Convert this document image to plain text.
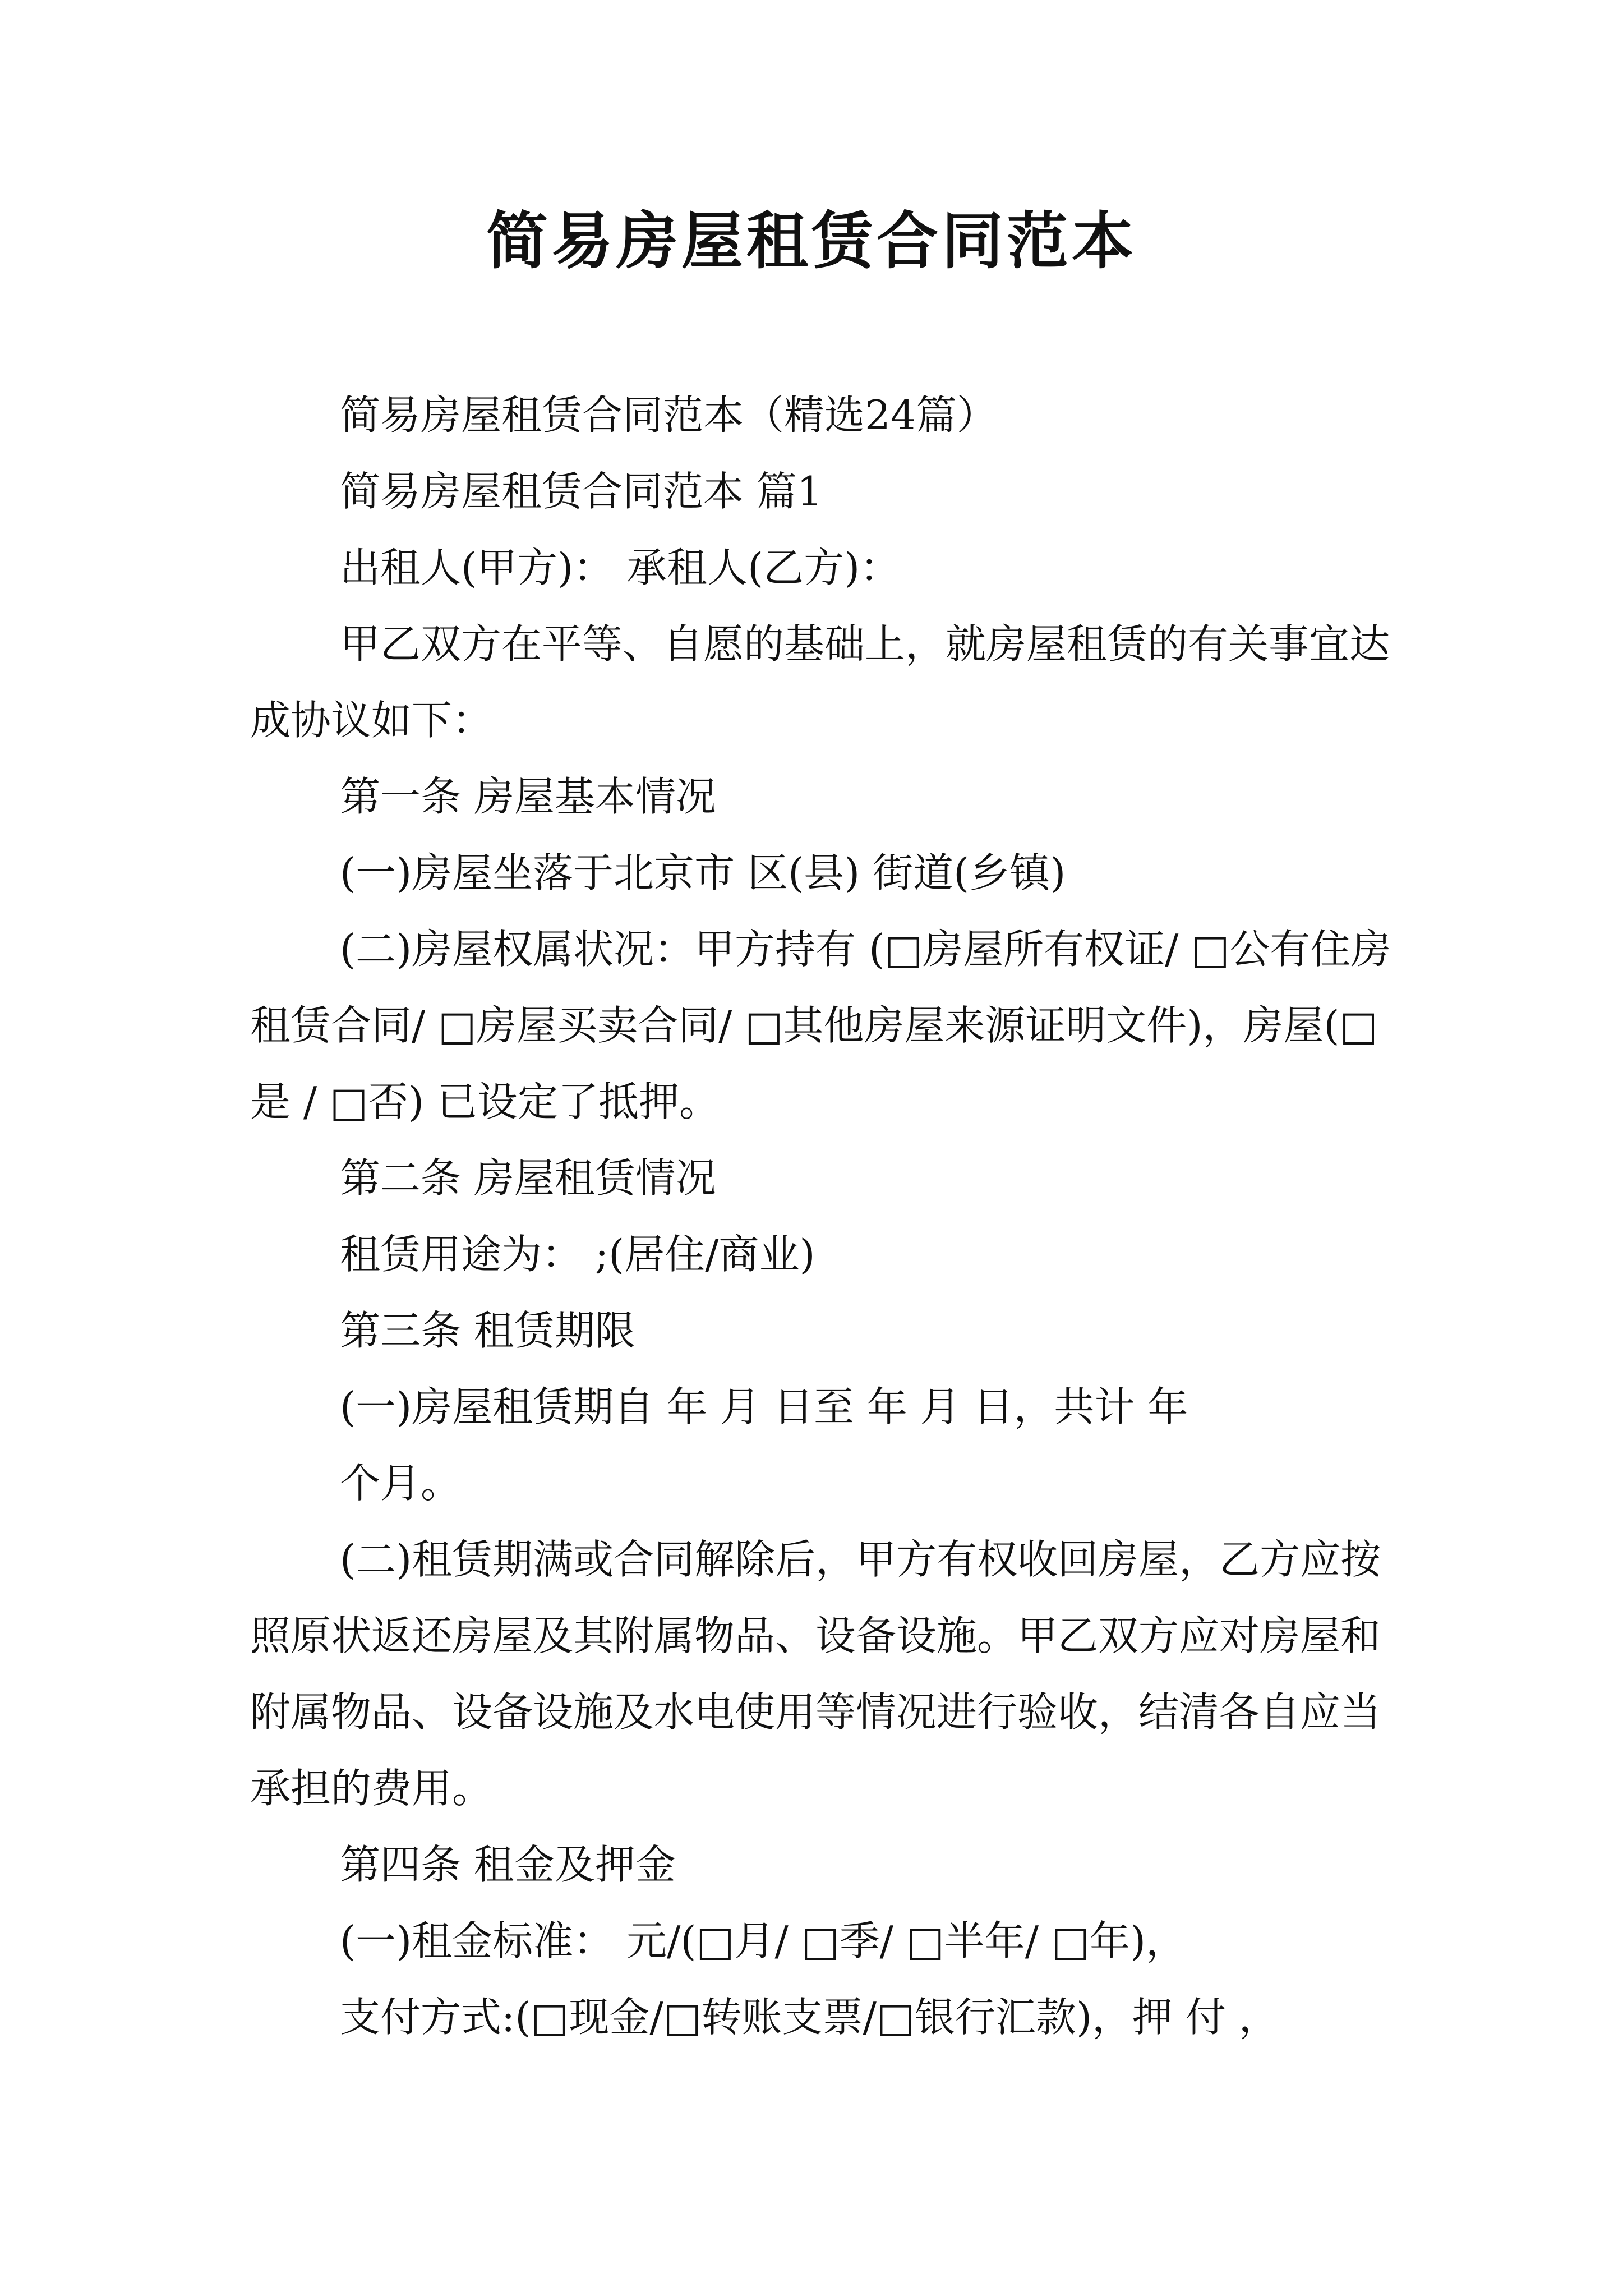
简易房屋租赁合同范本

简易房屋租赁合同范本（精选24篇）

简易房屋租赁合同范本 篇1

出租人(甲方)： 承租人(乙方)：

甲乙双方在平等、自愿的基础上，就房屋租赁的有关事宜达成协议如下：

第一条 房屋基本情况

(一)房屋坐落于北京市 区(县) 街道(乡镇)

(二)房屋权属状况：甲方持有 (□房屋所有权证/ □公有住房租赁合同/ □房屋买卖合同/ □其他房屋来源证明文件)，房屋(□是 / □否) 已设定了抵押。

第二条 房屋租赁情况

租赁用途为： ;(居住/商业)

第三条 租赁期限

(一)房屋租赁期自 年 月 日至 年 月 日，共计 年

个月。

(二)租赁期满或合同解除后，甲方有权收回房屋，乙方应按照原状返还房屋及其附属物品、设备设施。甲乙双方应对房屋和附属物品、设备设施及水电使用等情况进行验收，结清各自应当承担的费用。

第四条 租金及押金

(一)租金标准： 元/(□月/ □季/ □半年/ □年)，

支付方式:(□现金/□转账支票/□银行汇款)，押 付 ，
